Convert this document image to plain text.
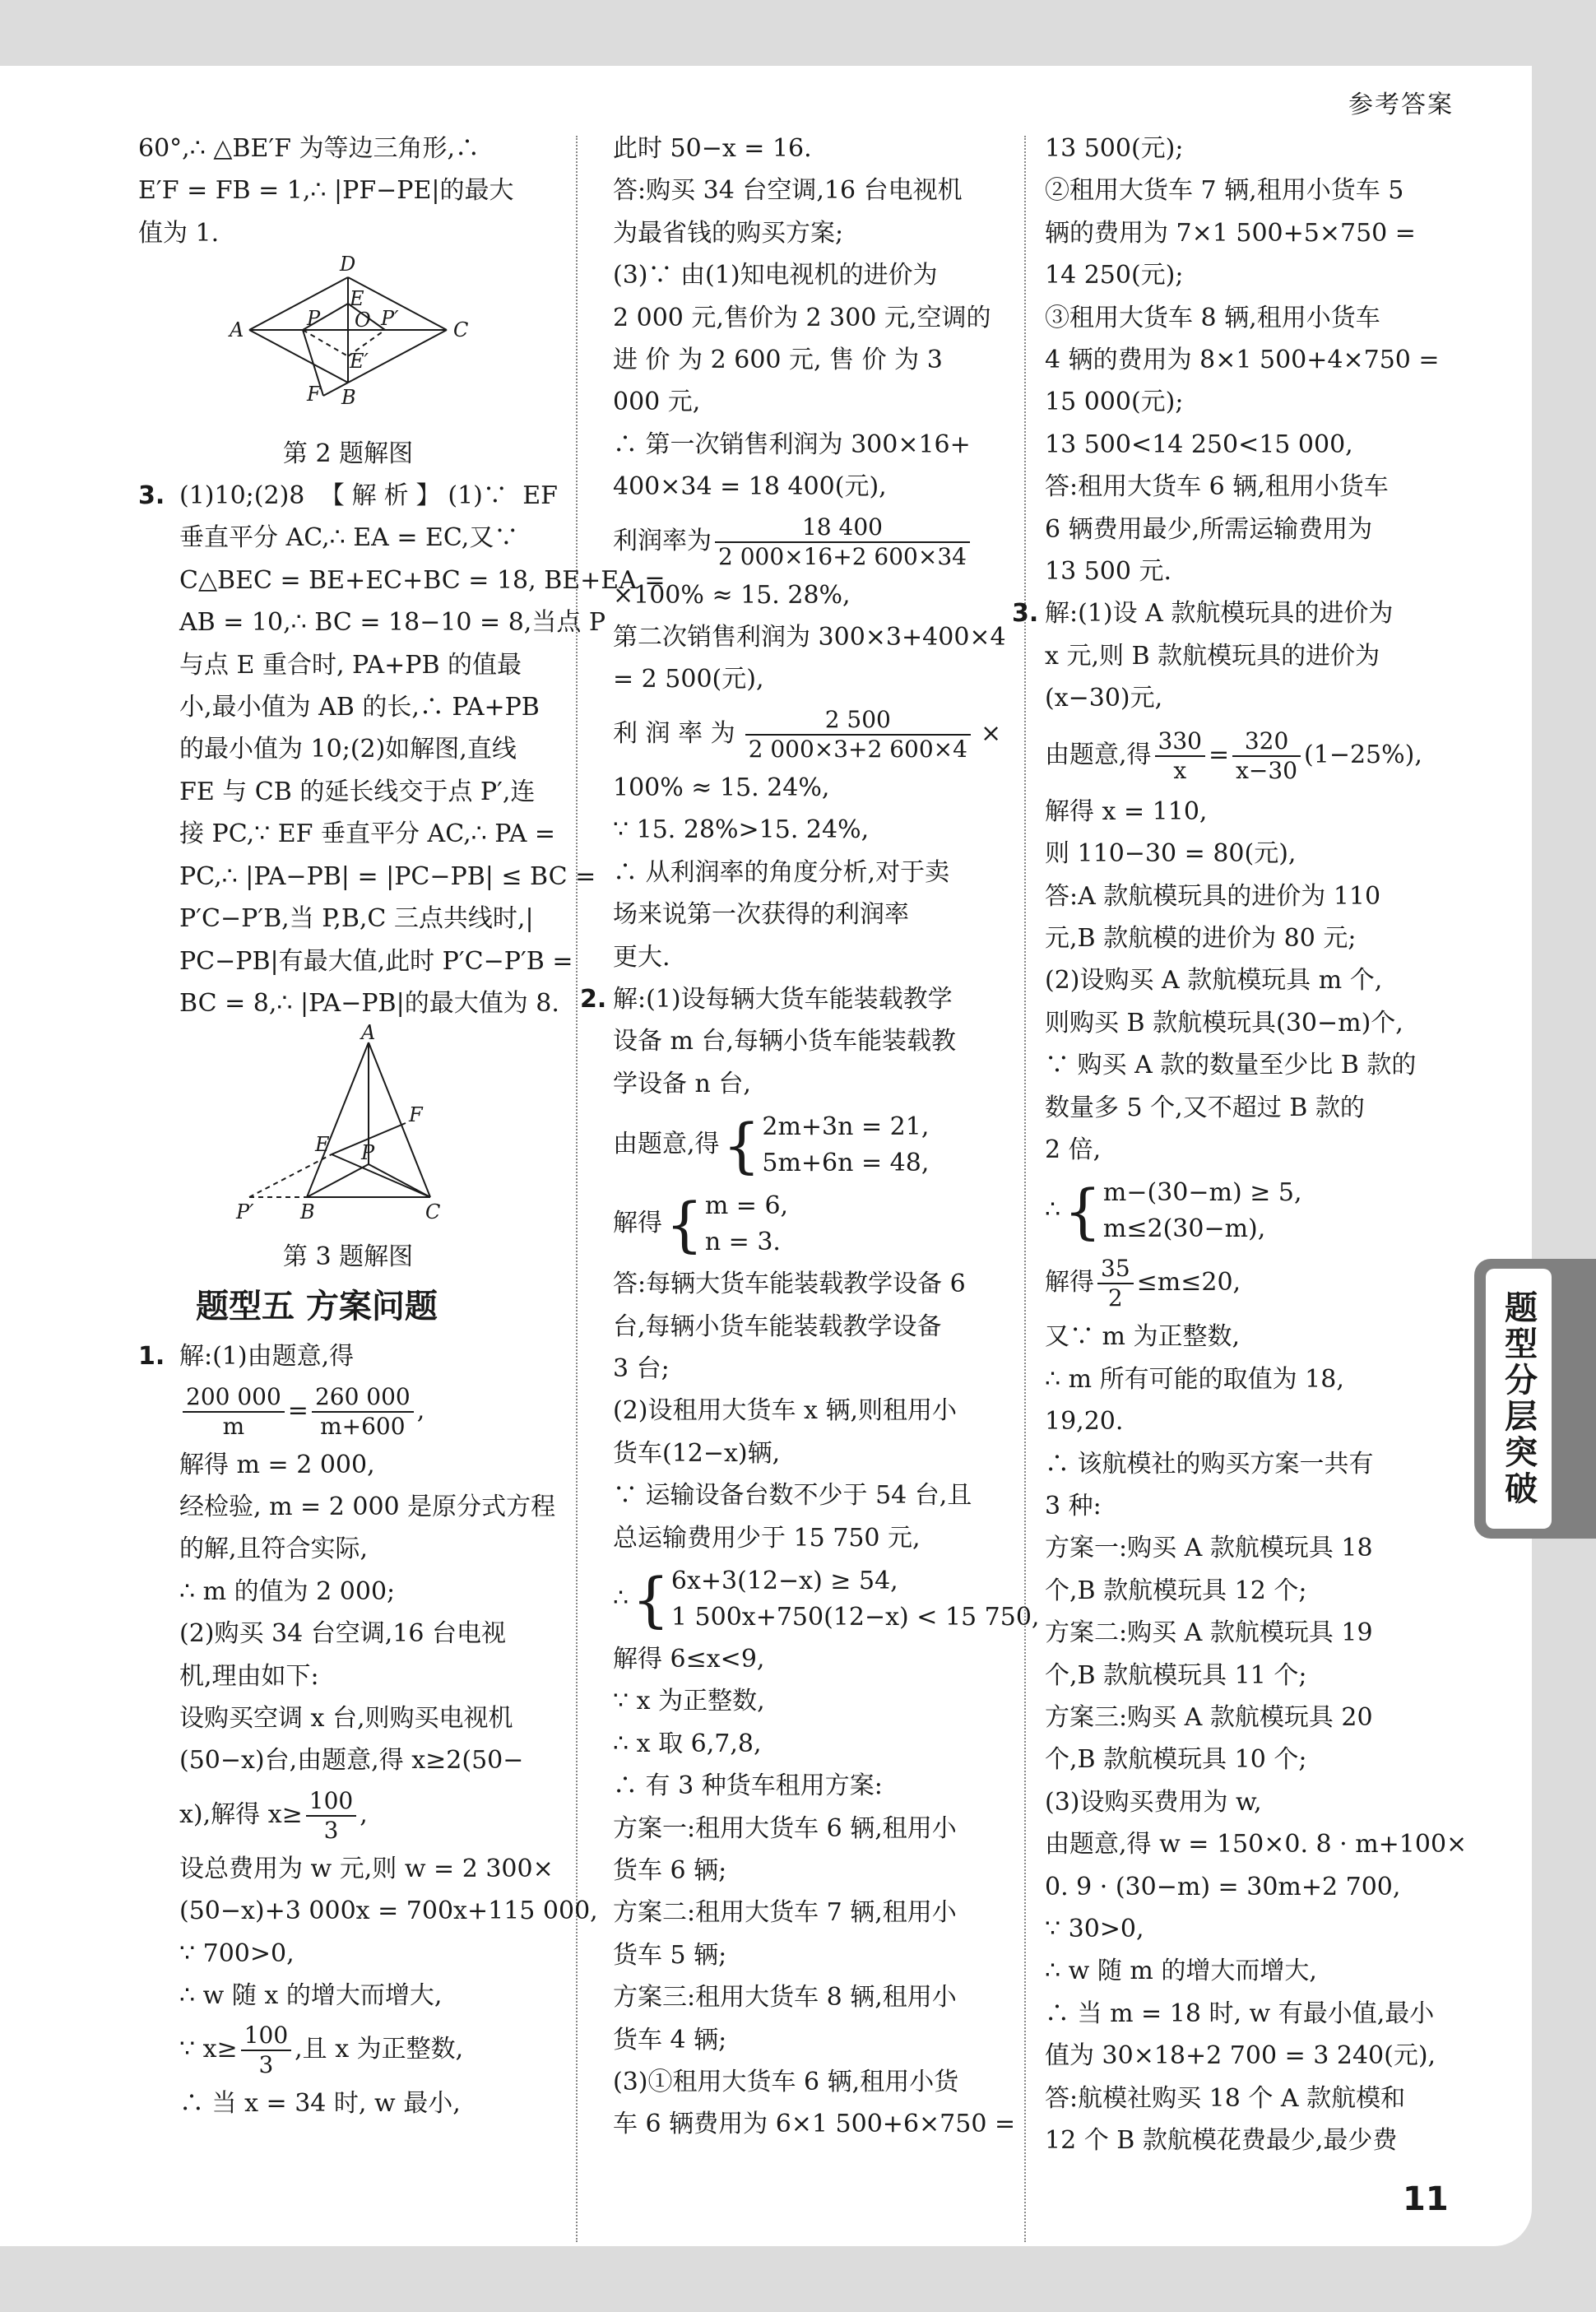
参考答案
60°,∴ △BE′F 为等边三角形,∴
E′F = FB = 1,∴ |PF−PE|的最大
值为 1.
D
A	C
B
E
P O P′
E′
F
第 2 题解图
3. (1)10;(2)8 【解析】(1)∵ EF
垂直平分 AC,∴ EA = EC,又∵
C△BEC = BE+EC+BC = 18, BE+EA =
AB = 10,∴ BC = 18−10 = 8,当点 P
与点 E 重合时, PA+PB 的值最
小,最小值为 AB 的长,∴ PA+PB
的最小值为 10;(2)如解图,直线
FE 与 CB 的延长线交于点 P′,连
接 PC,∵ EF 垂直平分 AC,∴ PA =
PC,∴ |PA−PB| = |PC−PB| ≤ BC =
P′C−P′B,当 P,B,C 三点共线时,|
PC−PB|有最大值,此时 P′C−P′B =
BC = 8,∴ |PA−PB|的最大值为 8.
A
F
E P
P′ B	C
第 3 题解图
题型五 方案问题
1. 解:(1)由题意,得
$\frac{200 000}{m} = \frac{260 000}{m+600}$ ,
解得 m = 2 000,
经检验, m = 2 000 是原分式方程
的解,且符合实际,
∴ m 的值为 2 000;
(2)购买 34 台空调,16 台电视
机,理由如下:
设购买空调 x 台,则购买电视机
(50−x)台,由题意,得 x≥2(50−
x),解得 $x\ge \frac{100}{3}$ ,
设总费用为 w 元,则 w = 2 300×
(50−x)+3 000x = 700x+115 000,
∵ 700>0,
∴ w 随 x 的增大而增大,
∵ $x\ge \frac{100}{3}$ ,且 x 为正整数,
∴ 当 x = 34 时, w 最小,
此时 50−x = 16.
答:购买 34 台空调,16 台电视机
为最省钱的购买方案;
(3)∵ 由(1)知电视机的进价为
2 000 元,售价为 2 300 元,空调的
进 价 为 2 600 元, 售 价 为 3
000 元,
∴ 第一次销售利润为 300×16+
400×34 = 18 400(元),
利润率为 $\frac{18 400}{2 000\times 16+2 600\times 34}$
×100% ≈ 15. 28%,
第二次销售利润为 300×3+400×4
= 2 500(元),
利 润 率 为 $\frac{2 500}{2 000\times 3+2 600\times 4}$ ×
100% ≈ 15. 24%,
∵ 15. 28%>15. 24%,
∴ 从利润率的角度分析,对于卖
场来说第一次获得的利润率
更大.
2. 解:(1)设每辆大货车能装载教学
设备 m 台,每辆小货车能装载教
学设备 n 台,
由题意,得 { 2m+3n = 21,
5m+6n = 48,
解得 { m = 6,
n = 3.
答:每辆大货车能装载教学设备 6
台,每辆小货车能装载教学设备
3 台;
(2)设租用大货车 x 辆,则租用小
货车(12−x)辆,
∵ 运输设备台数不少于 54 台,且
总运输费用少于 15 750 元,
∴ { 6x+3(12−x) ≥ 54,
1 500x+750(12−x) < 15 750,
解得 6≤x<9,
∵ x 为正整数,
∴ x 取 6,7,8,
∴ 有 3 种货车租用方案:
方案一:租用大货车 6 辆,租用小
货车 6 辆;
方案二:租用大货车 7 辆,租用小
货车 5 辆;
方案三:租用大货车 8 辆,租用小
货车 4 辆;
(3)①租用大货车 6 辆,租用小货
车 6 辆费用为 6×1 500+6×750 =
13 500(元);
②租用大货车 7 辆,租用小货车 5
辆的费用为 7×1 500+5×750 =
14 250(元);
③租用大货车 8 辆,租用小货车
4 辆的费用为 8×1 500+4×750 =
15 000(元);
13 500<14 250<15 000,
答:租用大货车 6 辆,租用小货车
6 辆费用最少,所需运输费用为
13 500 元.
3. 解:(1)设 A 款航模玩具的进价为
x 元,则 B 款航模玩具的进价为
(x−30)元,
由题意,得 $\frac{330}{x} = \frac{320}{x-30} (1-25\%)$,
解得 x = 110,
则 110−30 = 80(元),
答:A 款航模玩具的进价为 110
元,B 款航模的进价为 80 元;
(2)设购买 A 款航模玩具 m 个,
则购买 B 款航模玩具(30−m)个,
∵ 购买 A 款的数量至少比 B 款的
数量多 5 个,又不超过 B 款的
2 倍,
∴ { m−(30−m) ≥ 5,
m≤2(30−m),
解得 $\frac{35}{2} \le m\le 20$,
又∵ m 为正整数,
∴ m 所有可能的取值为 18,
19,20.
∴ 该航模社的购买方案一共有
3 种:
方案一:购买 A 款航模玩具 18
个,B 款航模玩具 12 个;
方案二:购买 A 款航模玩具 19
个,B 款航模玩具 11 个;
方案三:购买 A 款航模玩具 20
个,B 款航模玩具 10 个;
(3)设购买费用为 w,
由题意,得 w = 150×0. 8 · m+100×
0. 9 · (30−m) = 30m+2 700,
∵ 30>0,
∴ w 随 m 的增大而增大,
∴ 当 m = 18 时, w 有最小值,最小
值为 30×18+2 700 = 3 240(元),
答:航模社购买 18 个 A 款航模和
12 个 B 款航模花费最少,最少费
11
题型分层突破
